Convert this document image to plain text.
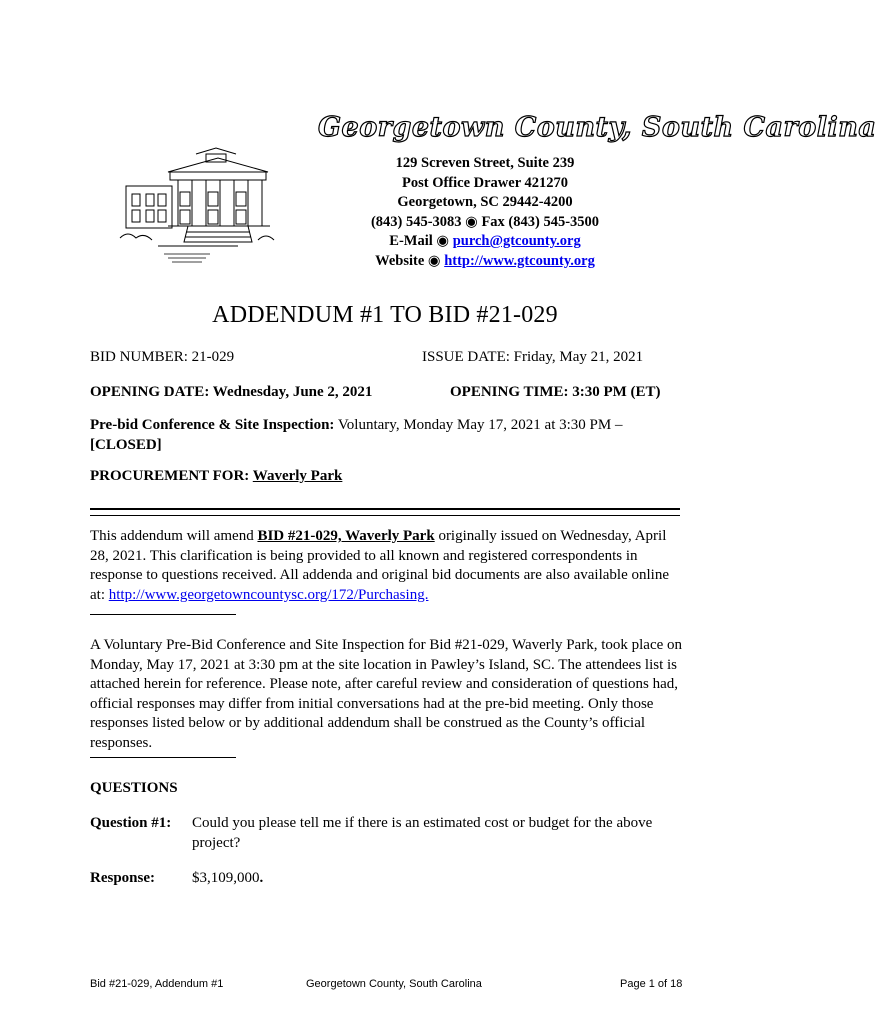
Georgetown County, South Carolina
129 Screven Street, Suite 239
Post Office Drawer 421270
Georgetown, SC 29442-4200
(843) 545-3083 ◉ Fax (843) 545-3500
E-Mail ◉ purch@gtcounty.org
Website ◉ http://www.gtcounty.org
ADDENDUM #1 TO BID #21-029
BID NUMBER: 21-029	ISSUE DATE: Friday, May 21, 2021
OPENING DATE: Wednesday, June 2, 2021	OPENING TIME: 3:30 PM (ET)
Pre-bid Conference & Site Inspection: Voluntary, Monday May 17, 2021 at 3:30 PM –
[CLOSED]
PROCUREMENT FOR: Waverly Park
This addendum will amend BID #21-029, Waverly Park originally issued on Wednesday, April 28, 2021. This clarification is being provided to all known and registered correspondents in response to questions received. All addenda and original bid documents are also available online at: http://www.georgetowncountysc.org/172/Purchasing.
A Voluntary Pre-Bid Conference and Site Inspection for Bid #21-029, Waverly Park, took place on Monday, May 17, 2021 at 3:30 pm at the site location in Pawley’s Island, SC. The attendees list is attached herein for reference. Please note, after careful review and consideration of questions had, official responses may differ from initial conversations had at the pre-bid meeting. Only those responses listed below or by additional addendum shall be construed as the County’s official responses.
QUESTIONS
Question #1: Could you please tell me if there is an estimated cost or budget for the above project?
Response: $3,109,000.
Bid #21-029, Addendum #1	Georgetown County, South Carolina	Page 1 of 18
